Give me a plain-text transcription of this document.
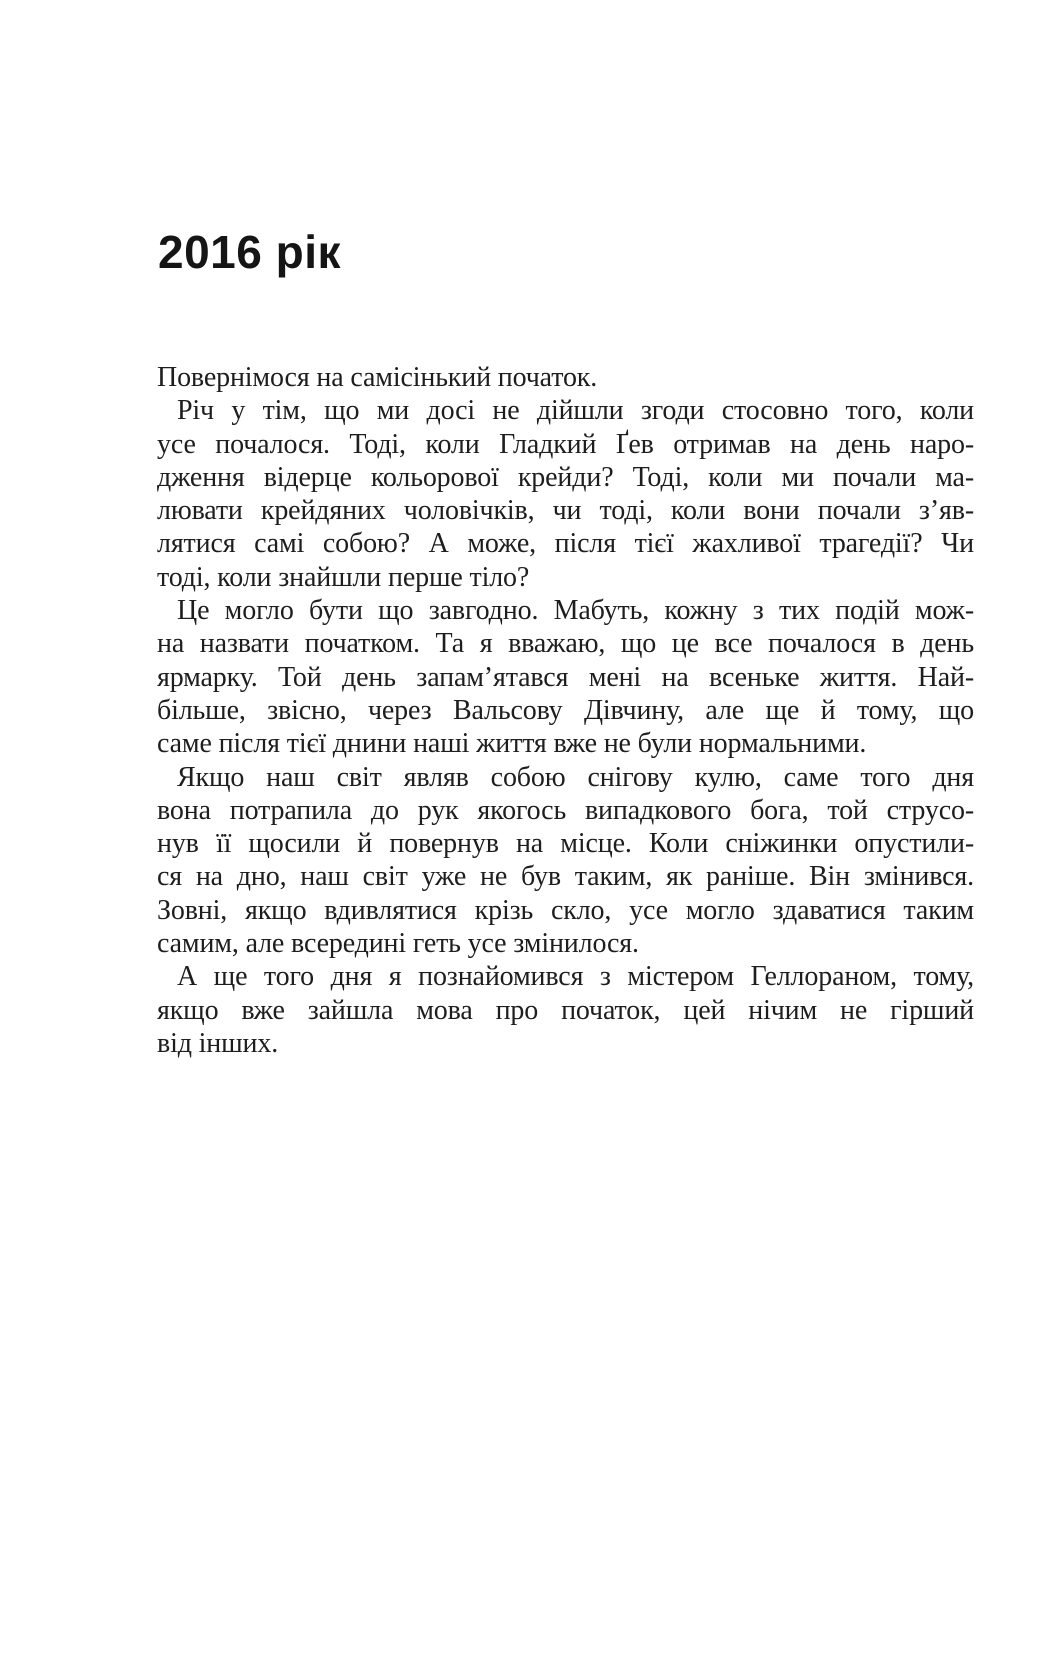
2016 рік
Повернімося на самісінький початок.
Річ у тім, що ми досі не дійшли згоди стосовно того, коли
усе почалося. Тоді, коли Гладкий Ґев отримав на день наро-
дження відерце кольорової крейди? Тоді, коли ми почали ма-
лювати крейдяних чоловічків, чи тоді, коли вони почали з’яв-
лятися самі собою? А може, після тієї жахливої трагедії? Чи
тоді, коли знайшли перше тіло?
Це могло бути що завгодно. Мабуть, кожну з тих подій мож-
на назвати початком. Та я вважаю, що це все почалося в день
ярмарку. Той день запам’ятався мені на всеньке життя. Най-
більше, звісно, через Вальсову Дівчину, але ще й тому, що
саме після тієї днини наші життя вже не були нормальними.
Якщо наш світ являв собою снігову кулю, саме того дня
вона потрапила до рук якогось випадкового бога, той струсо-
нув її щосили й повернув на місце. Коли сніжинки опустили-
ся на дно, наш світ уже не був таким, як раніше. Він змінився.
Зовні, якщо вдивлятися крізь скло, усе могло здаватися таким
самим, але всередині геть усе змінилося.
А ще того дня я познайомився з містером Геллораном, тому,
якщо вже зайшла мова про початок, цей нічим не гірший
від інших.
